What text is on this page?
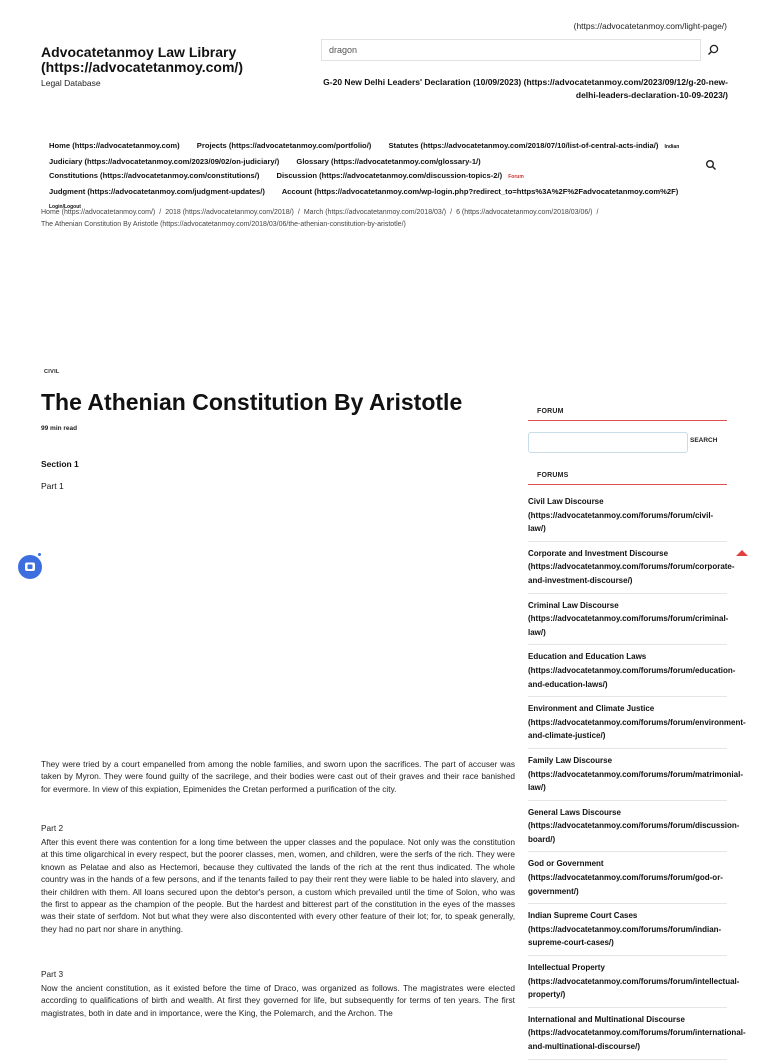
(https://advocatetanmoy.com/light-page/)
Advocatetanmoy Law Library (https://advocatetanmoy.com/)
Legal Database
dragon
G-20 New Delhi Leaders' Declaration (10/09/2023) (https://advocatetanmoy.com/2023/09/12/g-20-new-delhi-leaders-declaration-10-09-2023/)
Home (https://advocatetanmoy.com) Projects (https://advocatetanmoy.com/portfolio/) Statutes (https://advocatetanmoy.com/2018/07/10/list-of-central-acts-india/) Indian
Judiciary (https://advocatetanmoy.com/2023/09/02/on-judiciary/) Glossary (https://advocatetanmoy.com/glossary-1/)
Constitutions (https://advocatetanmoy.com/constitutions/) Discussion (https://advocatetanmoy.com/discussion-topics-2/) Forum
Judgment (https://advocatetanmoy.com/judgment-updates/) Account (https://advocatetanmoy.com/wp-login.php?redirect_to=https%3A%2F%2Fadvocatetanmoy.com%2F) Login/Logout
Home (https://advocatetanmoy.com/) / 2018 (https://advocatetanmoy.com/2018/) / March (https://advocatetanmoy.com/2018/03/) / 6 (https://advocatetanmoy.com/2018/03/06/) /
The Athenian Constitution By Aristotle (https://advocatetanmoy.com/2018/03/06/the-athenian-constitution-by-aristotle/)
CIVIL
The Athenian Constitution By Aristotle
99 min read
Section 1
Part 1
They were tried by a court empanelled from among the noble families, and sworn upon the sacrifices. The part of accuser was taken by Myron. They were found guilty of the sacrilege, and their bodies were cast out of their graves and their race banished for evermore. In view of this expiation, Epimenides the Cretan performed a purification of the city.
Part 2
After this event there was contention for a long time between the upper classes and the populace. Not only was the constitution at this time oligarchical in every respect, but the poorer classes, men, women, and children, were the serfs of the rich. They were known as Pelatae and also as Hectemori, because they cultivated the lands of the rich at the rent thus indicated. The whole country was in the hands of a few persons, and if the tenants failed to pay their rent they were liable to be haled into slavery, and their children with them. All loans secured upon the debtor's person, a custom which prevailed until the time of Solon, who was the first to appear as the champion of the people. But the hardest and bitterest part of the constitution in the eyes of the masses was their state of serfdom. Not but what they were also discontented with every other feature of their lot; for, to speak generally, they had no part nor share in anything.
Part 3
Now the ancient constitution, as it existed before the time of Draco, was organized as follows. The magistrates were elected according to qualifications of birth and wealth. At first they governed for life, but subsequently for terms of ten years. The first magistrates, both in date and in importance, were the King, the Polemarch, and the Archon. The
FORUM
SEARCH
FORUMS
Civil Law Discourse (https://advocatetanmoy.com/forums/forum/civil-law/)
Corporate and Investment Discourse (https://advocatetanmoy.com/forums/forum/corporate-and-investment-discourse/)
Criminal Law Discourse (https://advocatetanmoy.com/forums/forum/criminal-law/)
Education and Education Laws (https://advocatetanmoy.com/forums/forum/education-and-education-laws/)
Environment and Climate Justice (https://advocatetanmoy.com/forums/forum/environment-and-climate-justice/)
Family Law Discourse (https://advocatetanmoy.com/forums/forum/matrimonial-law/)
General Laws Discourse (https://advocatetanmoy.com/forums/forum/discussion-board/)
God or Government (https://advocatetanmoy.com/forums/forum/god-or-government/)
Indian Supreme Court Cases (https://advocatetanmoy.com/forums/forum/indian-supreme-court-cases/)
Intellectual Property (https://advocatetanmoy.com/forums/forum/intellectual-property/)
International and Multinational Discourse (https://advocatetanmoy.com/forums/forum/international-and-multinational-discourse/)
